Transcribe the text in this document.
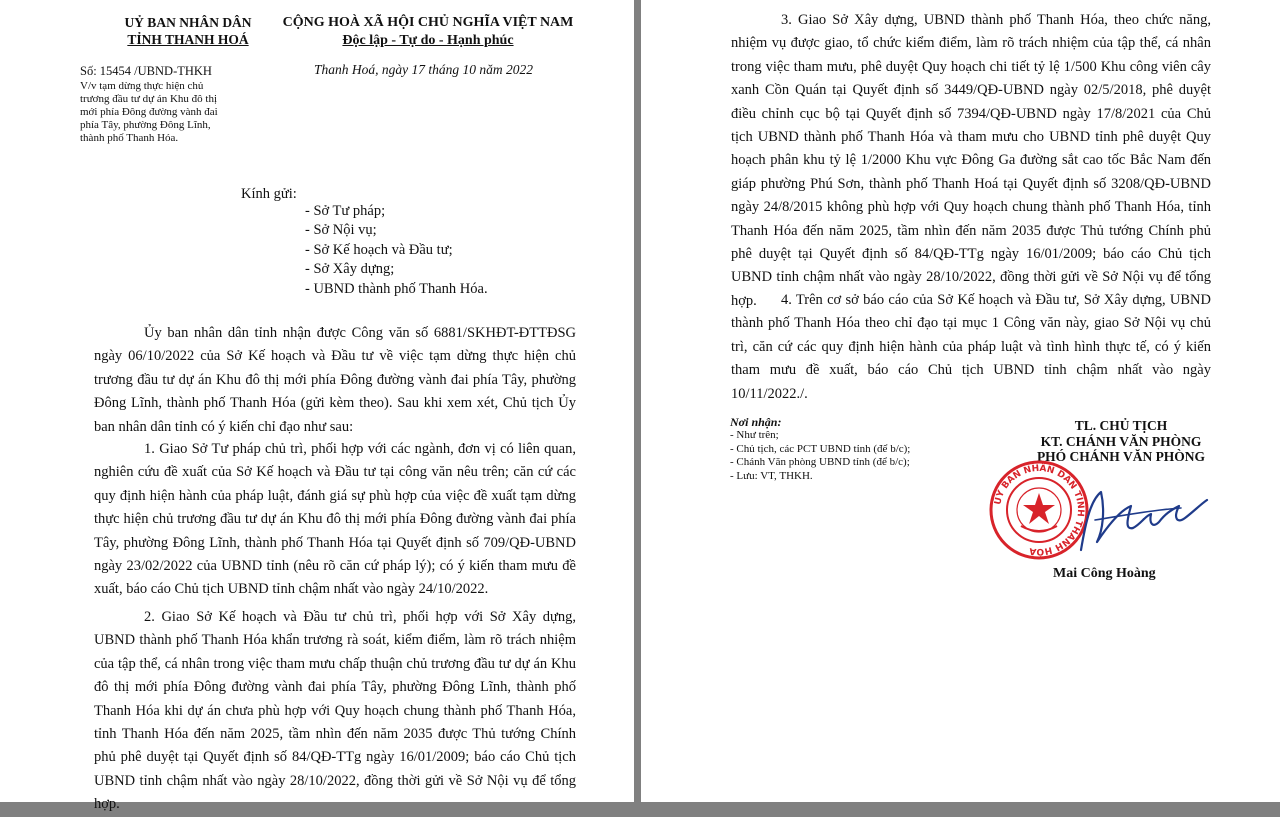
UỶ BAN NHÂN DÂN
TỈNH THANH HOÁ
CỘNG HOÀ XÃ HỘI CHỦ NGHĨA VIỆT NAM
Độc lập - Tự do - Hạnh phúc
Số: 15454 /UBND-THKH
V/v tạm dừng thực hiện chủ
trương đầu tư dự án Khu đô thị
mới phía Đông đường vành đai
phía Tây, phường Đông Lĩnh,
thành phố Thanh Hóa.
Thanh Hoá, ngày 17 tháng 10 năm 2022
Kính gửi:
- Sở Tư pháp;
- Sở Nội vụ;
- Sở Kế hoạch và Đầu tư;
- Sở Xây dựng;
- UBND thành phố Thanh Hóa.
Ủy ban nhân dân tỉnh nhận được Công văn số 6881/SKHĐT-ĐTTĐSG ngày 06/10/2022 của Sở Kế hoạch và Đầu tư về việc tạm dừng thực hiện chủ trương đầu tư dự án Khu đô thị mới phía Đông đường vành đai phía Tây, phường Đông Lĩnh, thành phố Thanh Hóa (gửi kèm theo). Sau khi xem xét, Chủ tịch Ủy ban nhân dân tỉnh có ý kiến chỉ đạo như sau:
1. Giao Sở Tư pháp chủ trì, phối hợp với các ngành, đơn vị có liên quan, nghiên cứu đề xuất của Sở Kế hoạch và Đầu tư tại công văn nêu trên; căn cứ các quy định hiện hành của pháp luật, đánh giá sự phù hợp của việc đề xuất tạm dừng thực hiện chủ trương đầu tư dự án Khu đô thị mới phía Đông đường vành đai phía Tây, phường Đông Lĩnh, thành phố Thanh Hóa tại Quyết định số 709/QĐ-UBND ngày 23/02/2022 của UBND tỉnh (nêu rõ căn cứ pháp lý); có ý kiến tham mưu đề xuất, báo cáo Chủ tịch UBND tỉnh chậm nhất vào ngày 24/10/2022.
2. Giao Sở Kế hoạch và Đầu tư chủ trì, phối hợp với Sở Xây dựng, UBND thành phố Thanh Hóa khẩn trương rà soát, kiểm điểm, làm rõ trách nhiệm của tập thể, cá nhân trong việc tham mưu chấp thuận chủ trương đầu tư dự án Khu đô thị mới phía Đông đường vành đai phía Tây, phường Đông Lĩnh, thành phố Thanh Hóa khi dự án chưa phù hợp với Quy hoạch chung thành phố Thanh Hóa, tỉnh Thanh Hóa đến năm 2025, tầm nhìn đến năm 2035 được Thủ tướng Chính phủ phê duyệt tại Quyết định số 84/QĐ-TTg ngày 16/01/2009; báo cáo Chủ tịch UBND tỉnh chậm nhất vào ngày 28/10/2022, đồng thời gửi về Sở Nội vụ để tổng hợp.
3. Giao Sở Xây dựng, UBND thành phố Thanh Hóa, theo chức năng, nhiệm vụ được giao, tổ chức kiểm điểm, làm rõ trách nhiệm của tập thể, cá nhân trong việc tham mưu, phê duyệt Quy hoạch chi tiết tỷ lệ 1/500 Khu công viên cây xanh Cồn Quán tại Quyết định số 3449/QĐ-UBND ngày 02/5/2018, phê duyệt điều chỉnh cục bộ tại Quyết định số 7394/QĐ-UBND ngày 17/8/2021 của Chủ tịch UBND thành phố Thanh Hóa và tham mưu cho UBND tỉnh phê duyệt Quy hoạch phân khu tỷ lệ 1/2000 Khu vực Đông Ga đường sắt cao tốc Bắc Nam đến giáp phường Phú Sơn, thành phố Thanh Hoá tại Quyết định số 3208/QĐ-UBND ngày 24/8/2015 không phù hợp với Quy hoạch chung thành phố Thanh Hóa, tỉnh Thanh Hóa đến năm 2025, tầm nhìn đến năm 2035 được Thủ tướng Chính phủ phê duyệt tại Quyết định số 84/QĐ-TTg ngày 16/01/2009; báo cáo Chủ tịch UBND tỉnh chậm nhất vào ngày 28/10/2022, đồng thời gửi về Sở Nội vụ để tổng hợp.	4. Trên cơ sở báo cáo của Sở Kế hoạch và Đầu tư, Sở Xây dựng, UBND thành phố Thanh Hóa theo chỉ đạo tại mục 1 Công văn này, giao Sở Nội vụ chủ trì, căn cứ các quy định hiện hành của pháp luật và tình hình thực tế, có ý kiến tham mưu đề xuất, báo cáo Chủ tịch UBND tỉnh chậm nhất vào ngày 10/11/2022./.
Nơi nhận:
- Như trên;
- Chủ tịch, các PCT UBND tỉnh (để b/c);
- Chánh Văn phòng UBND tỉnh (để b/c);
- Lưu: VT, THKH.
TL. CHỦ TỊCH
KT. CHÁNH VĂN PHÒNG
PHÓ CHÁNH VĂN PHÒNG
ỦY BAN NHÂN DÂN TỈNH THANH HÓA
Mai Công Hoàng
